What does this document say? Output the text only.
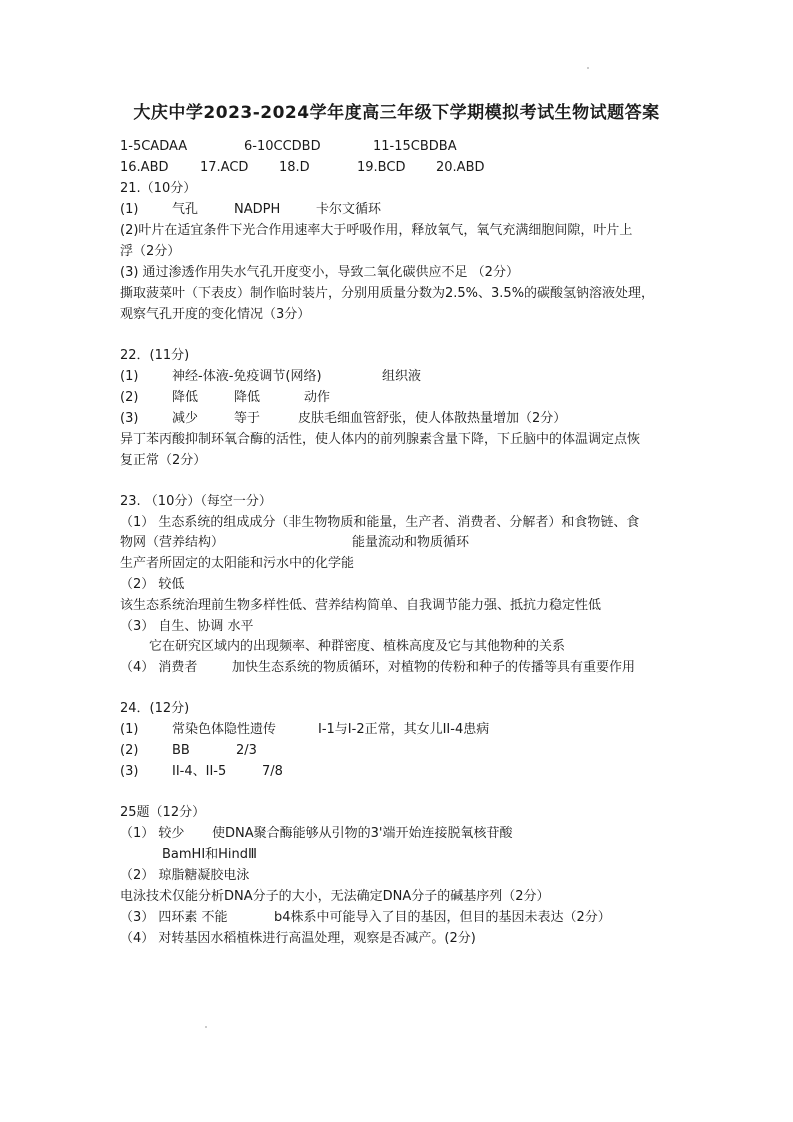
大庆中学2023-2024学年度高三年级下学期模拟考试生物试题答案
1-5CADAA	6-10CCDBD	11-15CBDBA
16.ABD 17.ACD 18.D	19.BCD 20.ABD
21.（10分）
(1)	气孔	NADPH	卡尔文循环
(2)叶片在适宜条件下光合作用速率大于呼吸作用，释放氧气，氧气充满细胞间隙，叶片上
浮（2分）
(3) 通过渗透作用失水气孔开度变小，导致二氧化碳供应不足 （2分）
撕取菠菜叶（下表皮）制作临时装片，分别用质量分数为2.5%、3.5%的碳酸氢钠溶液处理，
观察气孔开度的变化情况（3分）
22．(11分)
(1)	神经-体液-免疫调节(网络)	组织液
(2)	降低	降低	动作
(3)	减少	等于	皮肤毛细血管舒张，使人体散热量增加（2分）
异丁苯丙酸抑制环氧合酶的活性，使人体内的前列腺素含量下降，下丘脑中的体温调定点恢
复正常（2分）
23. （10分）（每空一分）
（1） 生态系统的组成成分（非生物物质和能量，生产者、消费者、分解者）和食物链、食
物网（营养结构）	能量流动和物质循环
生产者所固定的太阳能和污水中的化学能
（2） 较低
该生态系统治理前生物多样性低、营养结构简单、自我调节能力强、抵抗力稳定性低
（3） 自生、协调 水平
它在研究区域内的出现频率、种群密度、植株高度及它与其他物种的关系
（4） 消费者	加快生态系统的物质循环，对植物的传粉和种子的传播等具有重要作用
24．(12分)
(1)	常染色体隐性遗传	I-1与I-2正常，其女儿II-4患病
(2)	BB	2/3
(3)	II-4、II-5	7/8
25题（12分）
（1） 较少 使DNA聚合酶能够从引物的3'端开始连接脱氧核苷酸
BamHⅠ和HindⅢ
（2） 琼脂糖凝胶电泳
电泳技术仅能分析DNA分子的大小，无法确定DNA分子的碱基序列（2分）
（3） 四环素 不能	b4株系中可能导入了目的基因，但目的基因未表达（2分）
（4） 对转基因水稻植株进行高温处理，观察是否减产。(2分)
